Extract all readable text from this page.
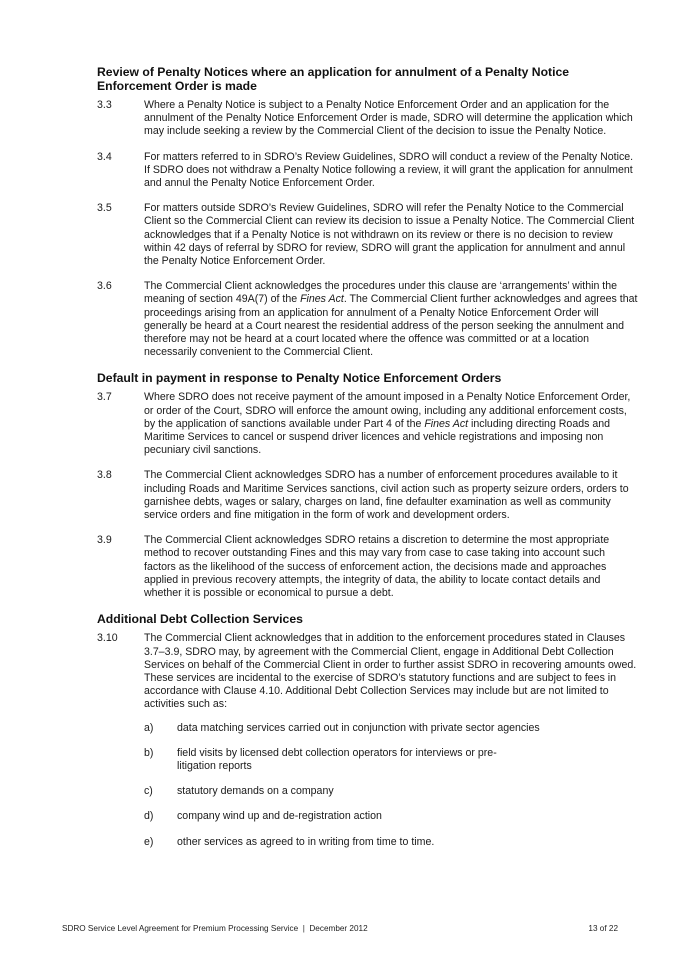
Review of Penalty Notices where an application for annulment of a Penalty Notice Enforcement Order is made
3.3	Where a Penalty Notice is subject to a Penalty Notice Enforcement Order and an application for the annulment of the Penalty Notice Enforcement Order is made, SDRO will determine the application which may include seeking a review by the Commercial Client of the decision to issue the Penalty Notice.
3.4	For matters referred to in SDRO’s Review Guidelines, SDRO will conduct a review of the Penalty Notice. If SDRO does not withdraw a Penalty Notice following a review, it will grant the application for annulment and annul the Penalty Notice Enforcement Order.
3.5	For matters outside SDRO’s Review Guidelines, SDRO will refer the Penalty Notice to the Commercial Client so the Commercial Client can review its decision to issue a Penalty Notice. The Commercial Client acknowledges that if a Penalty Notice is not withdrawn on its review or there is no decision to review within 42 days of referral by SDRO for review, SDRO will grant the application for annulment and annul the Penalty Notice Enforcement Order.
3.6	The Commercial Client acknowledges the procedures under this clause are ‘arrangements’ within the meaning of section 49A(7) of the Fines Act. The Commercial Client further acknowledges and agrees that proceedings arising from an application for annulment of a Penalty Notice Enforcement Order will generally be heard at a Court nearest the residential address of the person seeking the annulment and therefore may not be heard at a court located where the offence was committed or at a location necessarily convenient to the Commercial Client.
Default in payment in response to Penalty Notice Enforcement Orders
3.7	Where SDRO does not receive payment of the amount imposed in a Penalty Notice Enforcement Order, or order of the Court, SDRO will enforce the amount owing, including any additional enforcement costs, by the application of sanctions available under Part 4 of the Fines Act including directing Roads and Maritime Services to cancel or suspend driver licences and vehicle registrations and imposing non pecuniary civil sanctions.
3.8	The Commercial Client acknowledges SDRO has a number of enforcement procedures available to it including Roads and Maritime Services sanctions, civil action such as property seizure orders, orders to garnishee debts, wages or salary, charges on land, fine defaulter examination as well as community service orders and fine mitigation in the form of work and development orders.
3.9	The Commercial Client acknowledges SDRO retains a discretion to determine the most appropriate method to recover outstanding Fines and this may vary from case to case taking into account such factors as the likelihood of the success of enforcement action, the decisions made and approaches applied in previous recovery attempts, the integrity of data, the ability to locate contact details and whether it is possible or economical to pursue a debt.
Additional Debt Collection Services
3.10 The Commercial Client acknowledges that in addition to the enforcement procedures stated in Clauses 3.7–3.9, SDRO may, by agreement with the Commercial Client, engage in Additional Debt Collection Services on behalf of the Commercial Client in order to further assist SDRO in recovering amounts owed. These services are incidental to the exercise of SDRO’s statutory functions and are subject to fees in accordance with Clause 4.10. Additional Debt Collection Services may include but are not limited to activities such as:
a) data matching services carried out in conjunction with private sector agencies
b) field visits by licensed debt collection operators for interviews or pre-litigation reports
c) statutory demands on a company
d) company wind up and de-registration action
e) other services as agreed to in writing from time to time.
SDRO Service Level Agreement for Premium Processing Service  |  December 2012	13 of 22
